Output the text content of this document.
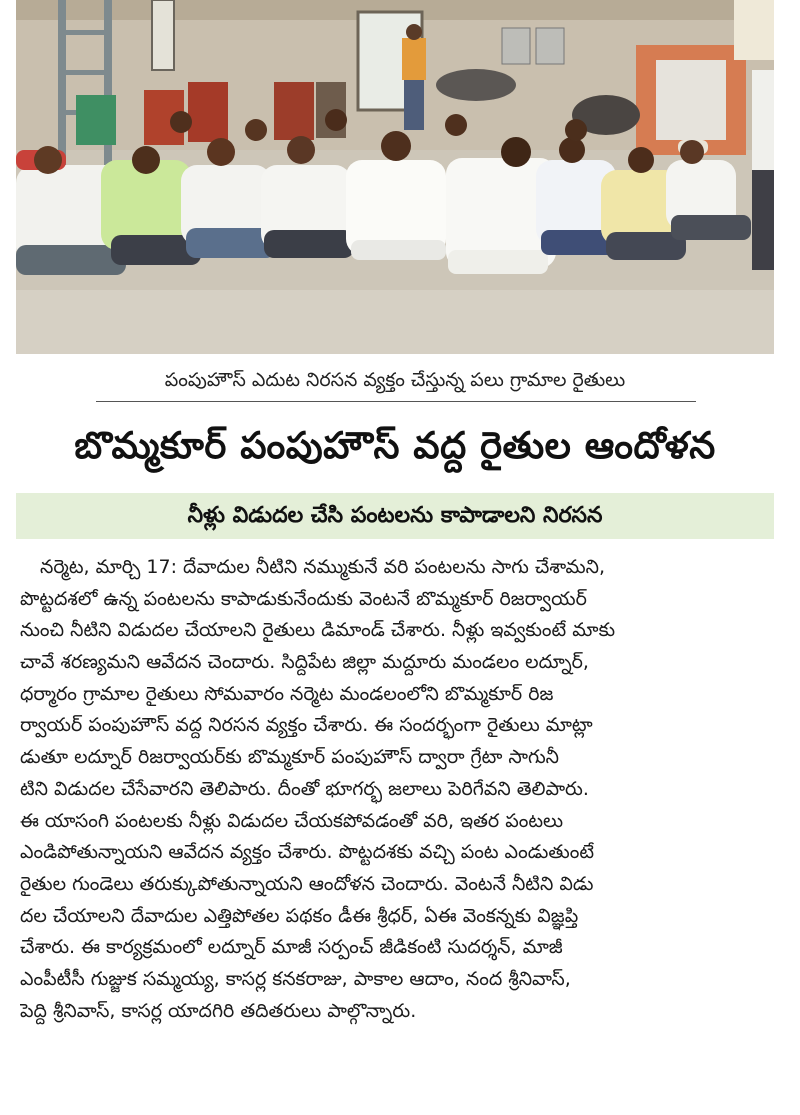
పంపుహౌస్ ఎదుట నిరసన వ్యక్తం చేస్తున్న పలు గ్రామాల రైతులు
బొమ్మకూర్ పంపుహౌస్ వద్ద రైతుల ఆందోళన
నీళ్లు విడుదల చేసి పంటలను కాపాడాలని నిరసన
నర్మెట, మార్చి 17: దేవాదుల నీటిని నమ్ముకునే వరి పంటలను సాగు చేశామని,
పొట్టదశలో ఉన్న పంటలను కాపాడుకునేందుకు వెంటనే బొమ్మకూర్ రిజర్వాయర్
నుంచి నీటిని విడుదల చేయాలని రైతులు డిమాండ్ చేశారు. నీళ్లు ఇవ్వకుంటే మాకు
చావే శరణ్యమని ఆవేదన చెందారు. సిద్దిపేట జిల్లా మద్దూరు మండలం లద్నూర్,
ధర్మారం గ్రామాల రైతులు సోమవారం నర్మెట మండలంలోని బొమ్మకూర్ రిజ
ర్వాయర్ పంపుహౌస్ వద్ద నిరసన వ్యక్తం చేశారు. ఈ సందర్భంగా రైతులు మాట్లా
డుతూ లద్నూర్ రిజర్వాయర్‌కు బొమ్మకూర్ పంపుహౌస్ ద్వారా గ్రేటా సాగునీ
టిని విడుదల చేసేవారని తెలిపారు. దీంతో భూగర్భ జలాలు పెరిగేవని తెలిపారు.
ఈ యాసంగి పంటలకు నీళ్లు విడుదల చేయకపోవడంతో వరి, ఇతర పంటలు
ఎండిపోతున్నాయని ఆవేదన వ్యక్తం చేశారు. పొట్టదశకు వచ్చి పంట ఎండుతుంటే
రైతుల గుండెలు తరుక్కుపోతున్నాయని ఆందోళన చెందారు. వెంటనే నీటిని విడు
దల చేయాలని దేవాదుల ఎత్తిపోతల పథకం డీఈ శ్రీధర్, ఏఈ వెంకన్నకు విజ్ఞప్తి
చేశారు. ఈ కార్యక్రమంలో లద్నూర్ మాజీ సర్పంచ్ జీడికంటి సుదర్శన్, మాజీ
ఎంపీటీసీ గుజ్జుక సమ్మయ్య, కాసర్ల కనకరాజు, పాకాల ఆదాం, నంద శ్రీనివాస్,
పెద్ది శ్రీనివాస్, కాసర్ల యాదగిరి తదితరులు పాల్గొన్నారు.
